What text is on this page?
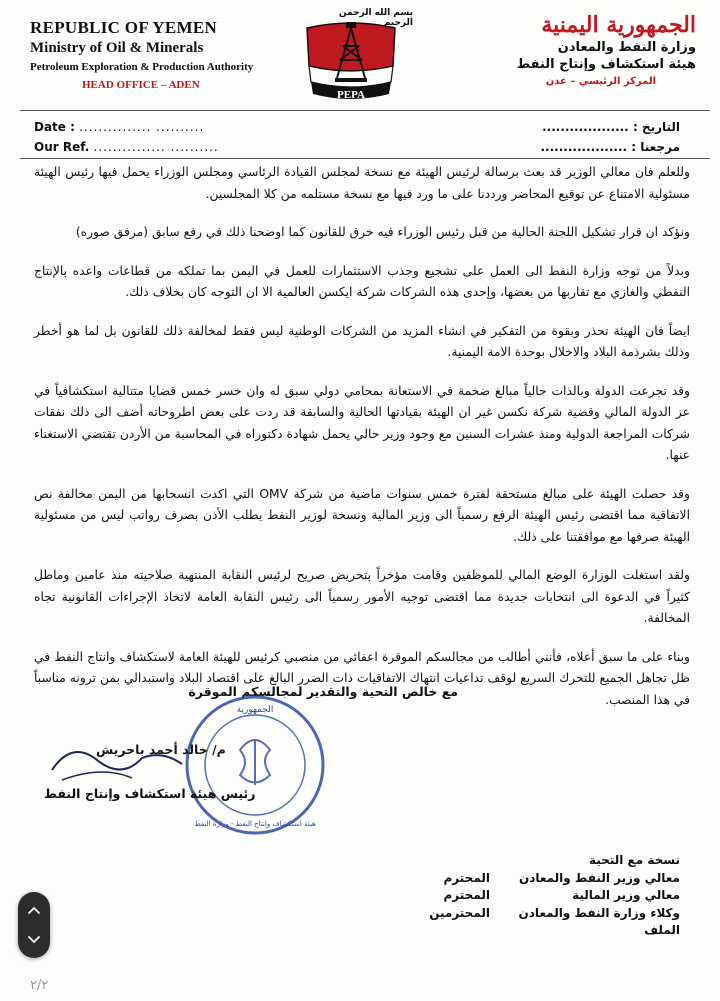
REPUBLIC OF YEMEN
Ministry of Oil & Minerals
Petroleum Exploration & Production Authority
HEAD OFFICE – ADEN
بسم الله الرحمن الرحيم
PEPA
الجمهورية اليمنية
وزارة النفط والمعادن
هيئة استكشاف وإنتاج النفط
المركز الرئيسي – عدن
Date : ............... ..........
Our Ref. ............... ..........
التاريخ : ...................
مرجعنا : ...................

وللعلم فان معالي الوزير قد بعث برسالة لرئيس الهيئة مع نسخة لمجلس القيادة الرئاسي ومجلس الوزراء يحمل فيها رئيس الهيئة مسئولية الامتناع عن توقيع المحاضر ورددنا على ما ورد فيها مع نسخة مستلمه من كلا المجلسين.

ونؤكد ان قرار تشكيل اللجنة الحالية من قبل رئيس الوزراء فيه خرق للقانون كما اوضحنا ذلك في رفع سابق (مرفق صوره)

وبدلاً من توجه وزارة النفط الى العمل على تشجيع وجذب الاستثمارات للعمل في اليمن بما تملكه من قطاعات واعده بالإنتاج النفطي والغازي مع تقاربها من بعضها، وإحدى هذه الشركات شركة ايكسن العالمية الا ان التوجه كان بخلاف ذلك.

ايضاً فان الهيئة تحذر وبقوة من التفكير في انشاء المزيد من الشركات الوطنية ليس فقط لمخالفة ذلك للقانون بل لما هو أخطر وذلك بشرذمة البلاد والاخلال بوحدة الامة اليمنية.

وقد تجرعت الدولة وبالذات حالياً مبالغ ضخمة في الاستعانة بمحامي دولي سبق له وان خسر خمس قضايا متتالية استكشافياً في عز الدولة المالي وقضية شركة نكسن غير ان الهيئة بقيادتها الحالية والسابقة قد ردت على بعض اطروحاته أضف الى ذلك نفقات شركات المراجعة الدولية ومنذ عشرات السنين مع وجود وزير حالي يحمل شهادة دكتوراه في المحاسبة من الأردن تقتضي الاستغناء عنها.

وقد حصلت الهيئة على مبالغ مستحقة لفترة خمس سنوات ماضية من شركة OMV التي اكدت انسحابها من اليمن مخالفة نص الاتفاقية مما اقتضى رئيس الهيئة الرفع رسمياً الى وزير المالية ونسخة لوزير النفط يطلب الأذن بصرف رواتب ليس من مسئولية الهيئة صرفها مع موافقتنا على ذلك.

ولقد استغلت الوزارة الوضع المالي للموظفين وقامت مؤخراً بتحريض صريح لرئيس النقابة المنتهية صلاحيته منذ عامين وماطل كثيراً في الدعوة الى انتخابات جديدة مما اقتضى توجيه الأمور رسمياً الى رئيس النقابة العامة لاتخاذ الإجراءات القانونية تجاه المخالفة.

وبناء على ما سبق أعلاه، فأنني أطالب من مجالسكم الموقرة اعفائي من منصبي كرئيس للهيئة العامة لاستكشاف وانتاج النفط في ظل تجاهل الجميع للتحرك السريع لوقف تداعيات انتهاك الاتفاقيات ذات الضرر البالغ على اقتصاد البلاد واستبدالي بمن ترونه مناسباً في هذا المنصب.

مع خالص التحية والتقدير لمجالسكم الموقرة
الجمهورية
هيئة استكشاف وإنتاج النفط - وزارة النفط
م/ خالد أحمد باحريش
رئيس هيئة استكشاف وإنتاج النفط
نسخة مع التحية
معالي وزير النفط والمعادن
المحترم
معالي وزير المالية
المحترم
وكلاء وزارة النفط والمعادن
المحترمين
الملف
٢/٢
